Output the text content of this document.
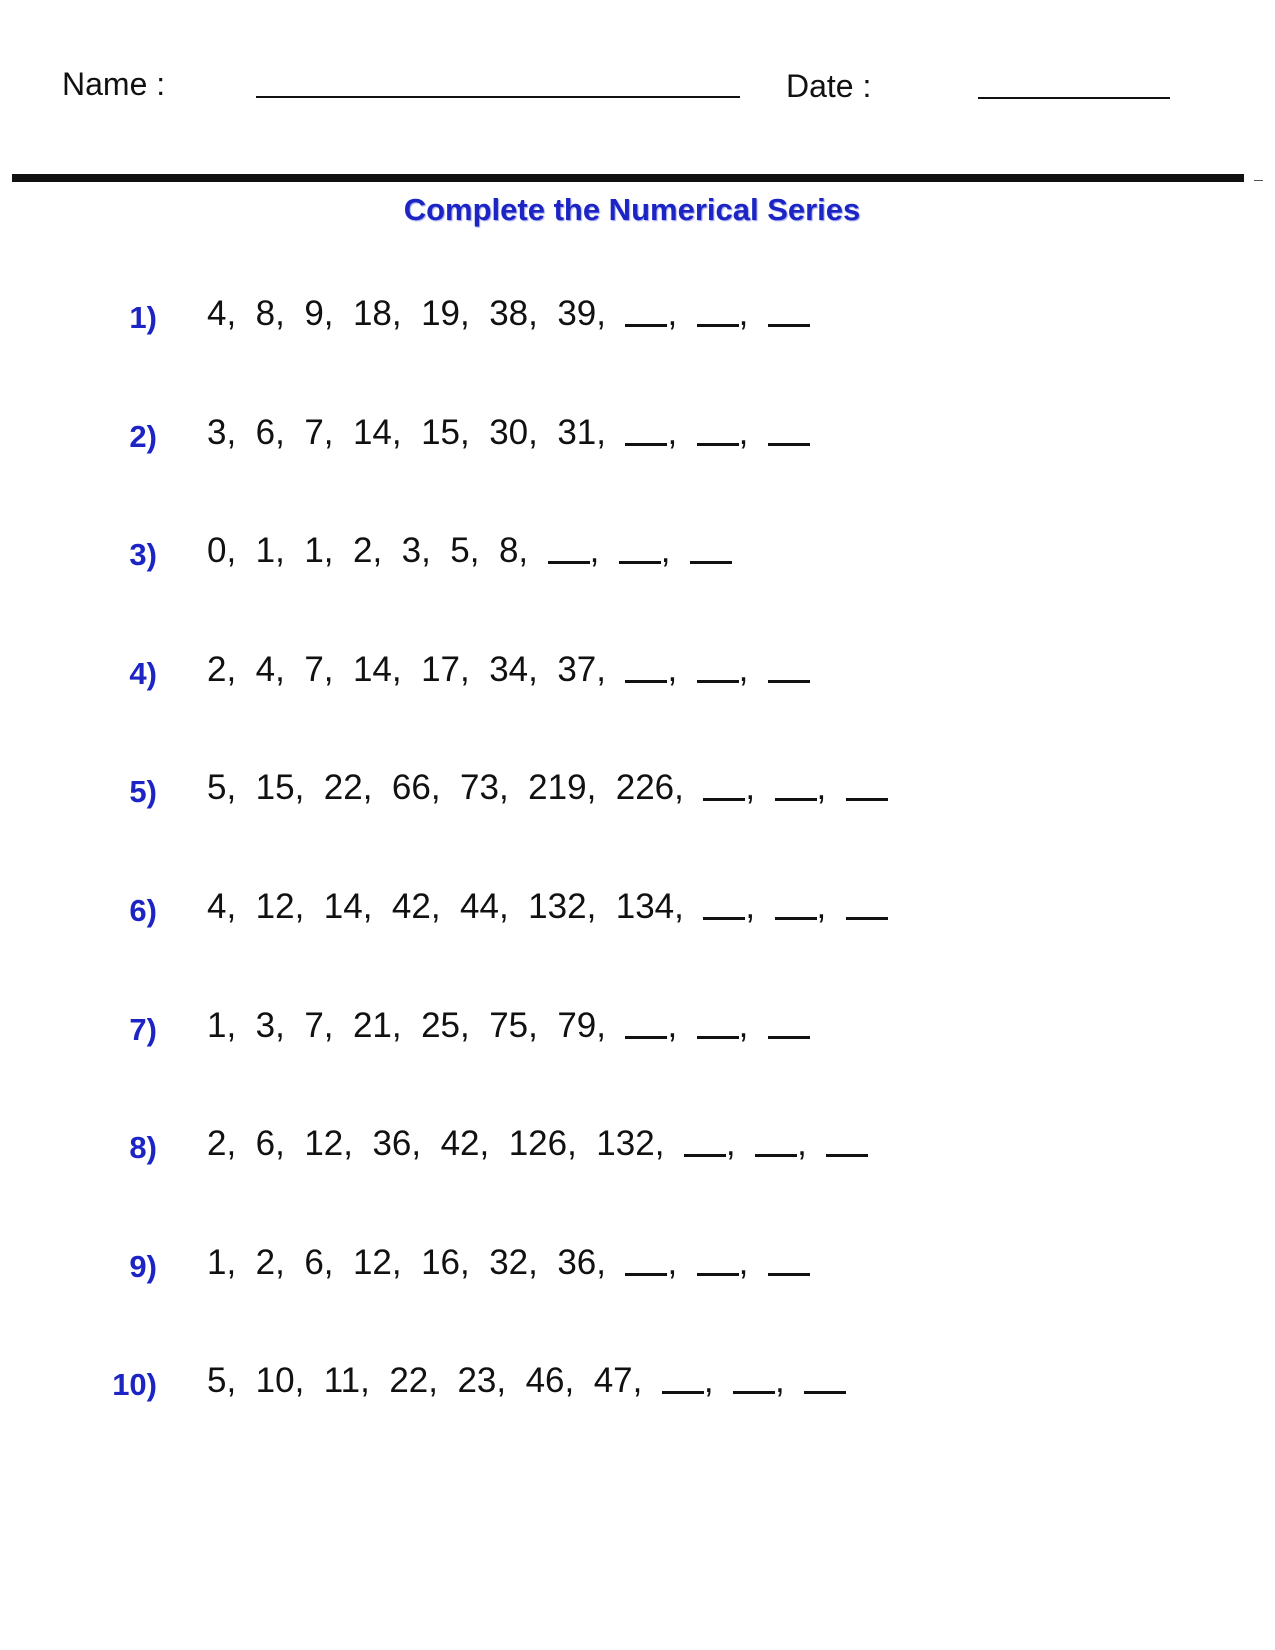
Name :	Date :
Complete the Numerical Series
1) 4,  8,  9,  18,  19,  38,  39,  ,  ,
2) 3,  6,  7,  14,  15,  30,  31,  ,  ,
3) 0,  1,  1,  2,  3,  5,  8,  ,  ,
4) 2,  4,  7,  14,  17,  34,  37,  ,  ,
5) 5,  15,  22,  66,  73,  219,  226,  ,  ,
6) 4,  12,  14,  42,  44,  132,  134,  ,  ,
7) 1,  3,  7,  21,  25,  75,  79,  ,  ,
8) 2,  6,  12,  36,  42,  126,  132,  ,  ,
9) 1,  2,  6,  12,  16,  32,  36,  ,  ,
10) 5,  10,  11,  22,  23,  46,  47,  ,  ,
